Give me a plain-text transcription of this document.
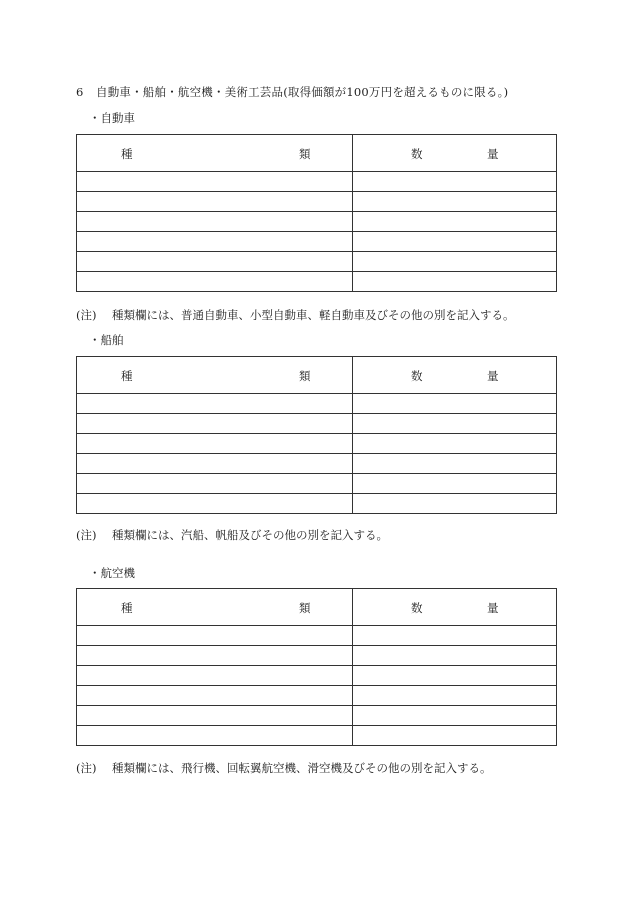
6 自動車・船舶・航空機・美術工芸品(取得価額が100万円を超えるものに限る。)
・自動車
種 類	数 量

(注) 種類欄には、普通自動車、小型自動車、軽自動車及びその他の別を記入する。
・船舶
種 類	数 量

(注) 種類欄には、汽船、帆船及びその他の別を記入する。
・航空機
種 類	数 量

(注) 種類欄には、飛行機、回転翼航空機、滑空機及びその他の別を記入する。
